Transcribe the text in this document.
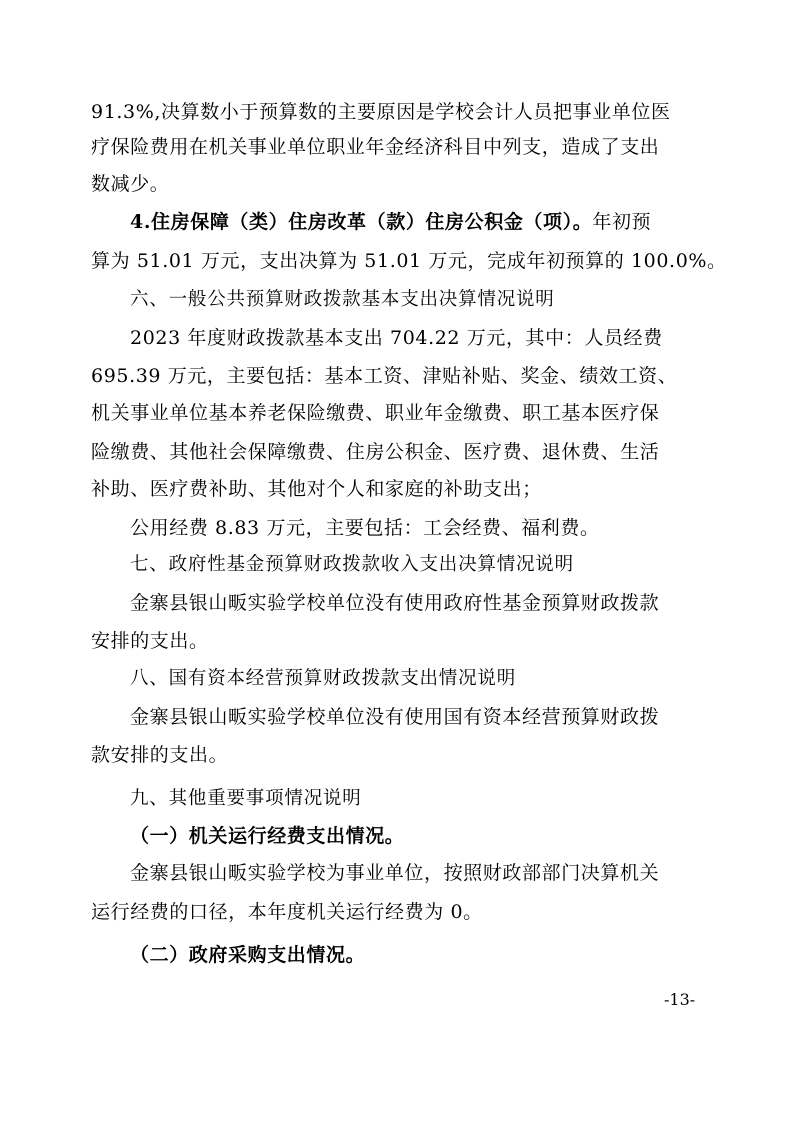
91.3%,决算数小于预算数的主要原因是学校会计人员把事业单位医
疗保险费用在机关事业单位职业年金经济科目中列支，造成了支出
数减少。
4.住房保障（类）住房改革（款）住房公积金（项）。年初预
算为 51.01 万元，支出决算为 51.01 万元，完成年初预算的 100.0%。
六、一般公共预算财政拨款基本支出决算情况说明
2023 年度财政拨款基本支出 704.22 万元，其中：人员经费
695.39 万元，主要包括：基本工资、津贴补贴、奖金、绩效工资、
机关事业单位基本养老保险缴费、职业年金缴费、职工基本医疗保
险缴费、其他社会保障缴费、住房公积金、医疗费、退休费、生活
补助、医疗费补助、其他对个人和家庭的补助支出；
公用经费 8.83 万元，主要包括：工会经费、福利费。
七、政府性基金预算财政拨款收入支出决算情况说明
金寨县银山畈实验学校单位没有使用政府性基金预算财政拨款
安排的支出。
八、国有资本经营预算财政拨款支出情况说明
金寨县银山畈实验学校单位没有使用国有资本经营预算财政拨
款安排的支出。
九、其他重要事项情况说明
（一）机关运行经费支出情况。
金寨县银山畈实验学校为事业单位，按照财政部部门决算机关
运行经费的口径，本年度机关运行经费为 0。
（二）政府采购支出情况。
-13-
